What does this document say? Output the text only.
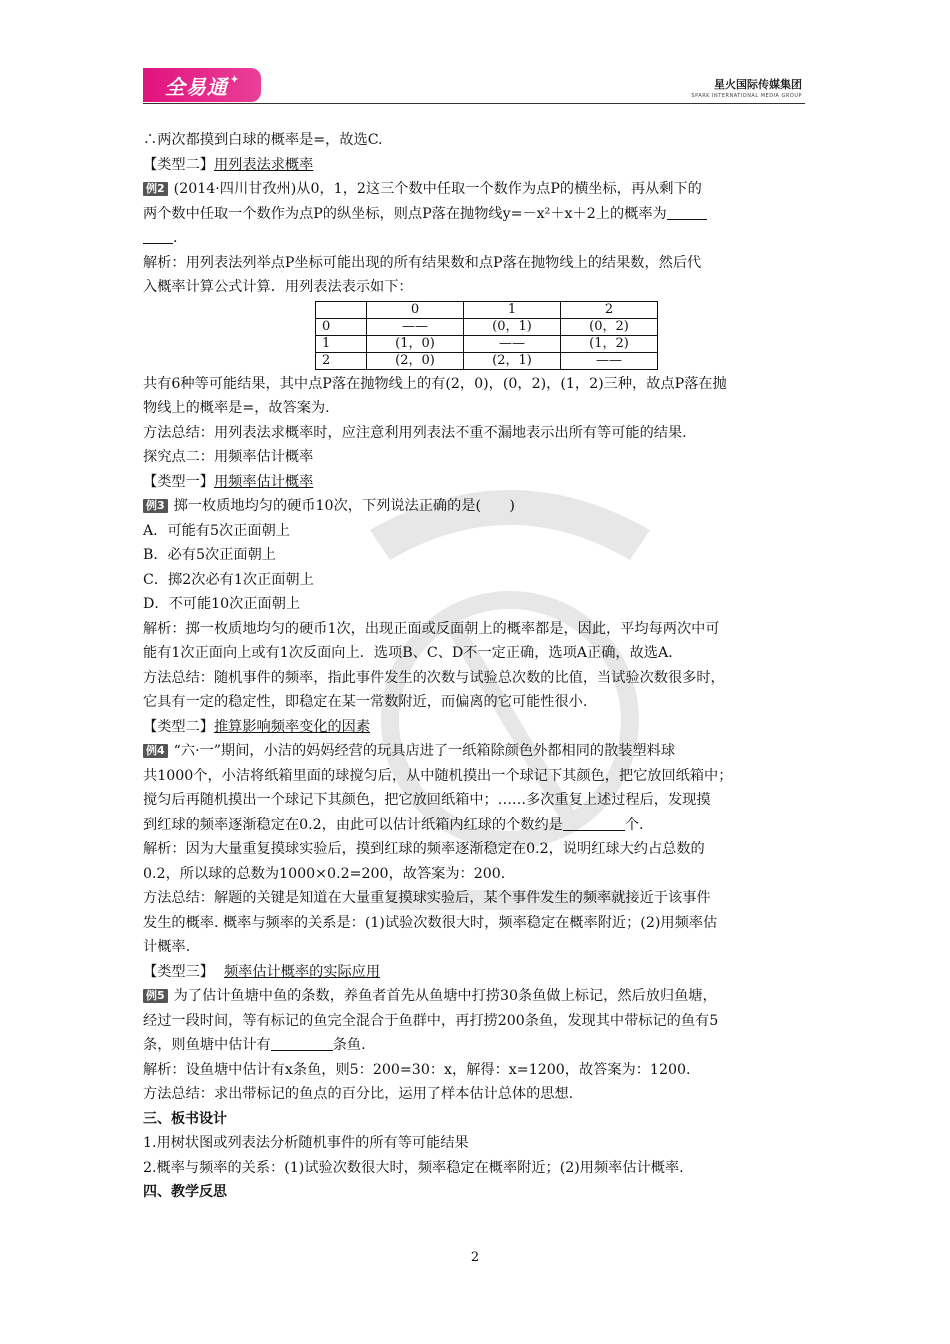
全易通 ✦	星火国际传媒集团
SPARK INTERNATIONAL MEDIA GROUP
∴两次都摸到白球的概率是=，故选C.
【类型二】用列表法求概率
例2 (2014·四川甘孜州)从0，1，2这三个数中任取一个数作为点P的横坐标，再从剩下的
两个数中任取一个数作为点P的纵坐标，则点P落在抛物线y=－x²＋x＋2上的概率为
.
解析：用列表法列举点P坐标可能出现的所有结果数和点P落在抛物线上的结果数，然后代
入概率计算公式计算．用列表法表示如下：
	0	1	2
0	——	(0，1)	(0，2)
1	(1，0)	——	(1，2)
2	(2，0)	(2，1)	——
共有6种等可能结果，其中点P落在抛物线上的有(2，0)，(0，2)，(1，2)三种，故点P落在抛
物线上的概率是=，故答案为.
方法总结：用列表法求概率时，应注意利用列表法不重不漏地表示出所有等可能的结果.
探究点二：用频率估计概率
【类型一】用频率估计概率
例3 掷一枚质地均匀的硬币10次，下列说法正确的是(　　)
A．可能有5次正面朝上
B．必有5次正面朝上
C．掷2次必有1次正面朝上
D．不可能10次正面朝上
解析：掷一枚质地均匀的硬币1次，出现正面或反面朝上的概率都是，因此，平均每两次中可
能有1次正面向上或有1次反面向上．选项B、C、D不一定正确，选项A正确，故选A．
方法总结：随机事件的频率，指此事件发生的次数与试验总次数的比值，当试验次数很多时，
它具有一定的稳定性，即稳定在某一常数附近，而偏离的它可能性很小.
【类型二】推算影响频率变化的因素
例4 “六·一”期间，小洁的妈妈经营的玩具店进了一纸箱除颜色外都相同的散装塑料球
共1000个，小洁将纸箱里面的球搅匀后，从中随机摸出一个球记下其颜色，把它放回纸箱中；
搅匀后再随机摸出一个球记下其颜色，把它放回纸箱中；……多次重复上述过程后，发现摸
到红球的频率逐渐稳定在0.2，由此可以估计纸箱内红球的个数约是	个.
解析：因为大量重复摸球实验后，摸到红球的频率逐渐稳定在0.2，说明红球大约占总数的
0.2，所以球的总数为1000×0.2=200，故答案为：200.
方法总结：解题的关键是知道在大量重复摸球实验后，某个事件发生的频率就接近于该事件
发生的概率. 概率与频率的关系是：(1)试验次数很大时，频率稳定在概率附近；(2)用频率估
计概率.
【类型三】 频率估计概率的实际应用
例5 为了估计鱼塘中鱼的条数，养鱼者首先从鱼塘中打捞30条鱼做上标记，然后放归鱼塘，
经过一段时间，等有标记的鱼完全混合于鱼群中，再打捞200条鱼，发现其中带标记的鱼有5
条，则鱼塘中估计有	条鱼.
解析：设鱼塘中估计有x条鱼，则5：200=30：x，解得：x=1200，故答案为：1200.
方法总结：求出带标记的鱼点的百分比，运用了样本估计总体的思想.
三、板书设计
1.用树状图或列表法分析随机事件的所有等可能结果
2.概率与频率的关系：(1)试验次数很大时，频率稳定在概率附近；(2)用频率估计概率.
四、教学反思
2
